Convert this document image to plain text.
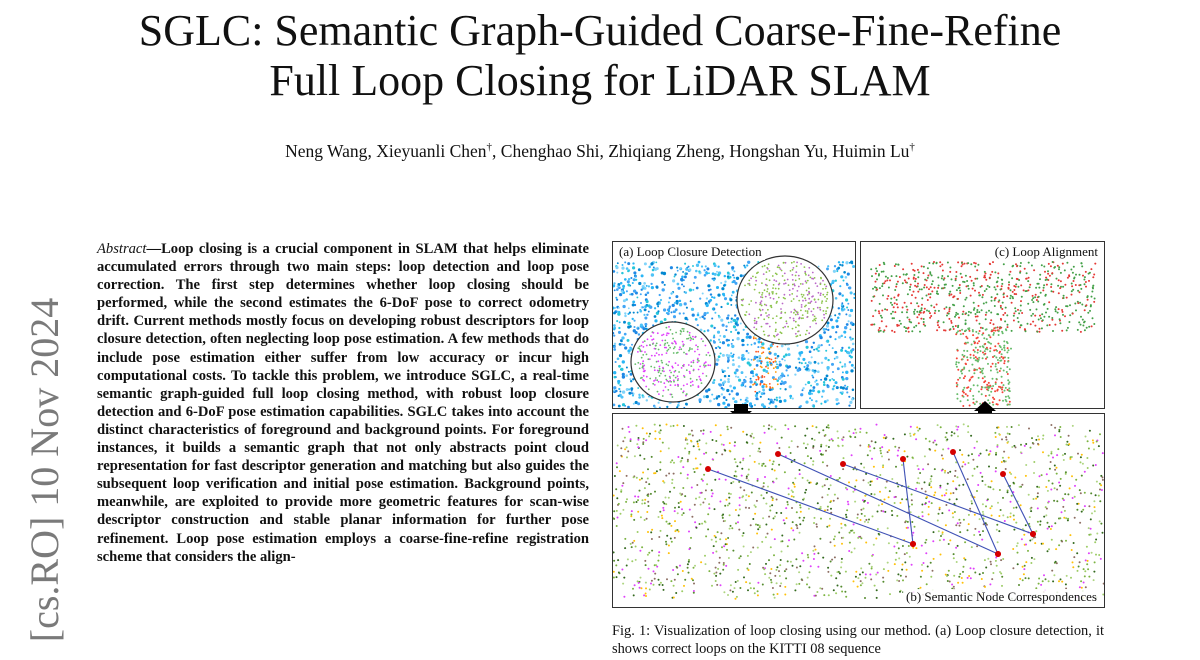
SGLC: Semantic Graph-Guided Coarse-Fine-Refine
Full Loop Closing for LiDAR SLAM
Neng Wang, Xieyuanli Chen†, Chenghao Shi, Zhiqiang Zheng, Hongshan Yu, Huimin Lu†
[cs.RO] 10 Nov 2024
Abstract—Loop closing is a crucial component in SLAM that helps eliminate accumulated errors through two main steps: loop detection and loop pose correction. The first step determines whether loop closing should be performed, while the second estimates the 6-DoF pose to correct odometry drift. Current methods mostly focus on developing robust descriptors for loop closure detection, often neglecting loop pose estimation. A few methods that do include pose estimation either suffer from low accuracy or incur high computational costs. To tackle this problem, we introduce SGLC, a real-time semantic graph-guided full loop closing method, with robust loop closure detection and 6-DoF pose estimation capabilities. SGLC takes into account the distinct characteristics of foreground and background points. For foreground instances, it builds a semantic graph that not only abstracts point cloud representation for fast descriptor generation and matching but also guides the subsequent loop verification and initial pose estimation. Background points, meanwhile, are exploited to provide more geometric features for scan-wise descriptor construction and stable planar information for further pose refinement. Loop pose estimation employs a coarse-fine-refine registration scheme that considers the align-
(a) Loop Closure Detection	(c) Loop Alignment
(b) Semantic Node Correspondences
Fig. 1: Visualization of loop closing using our method. (a) Loop closure detection, it shows correct loops on the KITTI 08 sequence
